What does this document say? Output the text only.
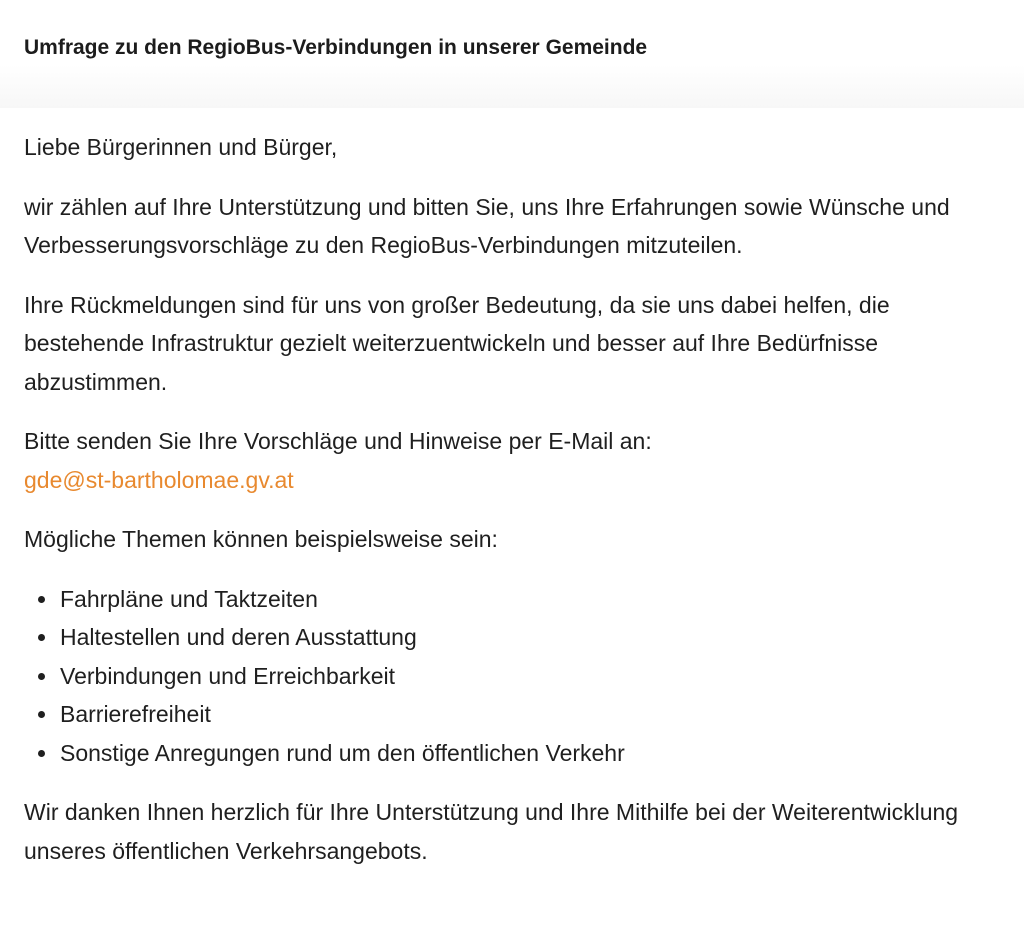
Umfrage zu den RegioBus-Verbindungen in unserer Gemeinde

Liebe Bürgerinnen und Bürger,

wir zählen auf Ihre Unterstützung und bitten Sie, uns Ihre Erfahrungen sowie Wünsche und Verbesserungsvorschläge zu den RegioBus-Verbindungen mitzuteilen.

Ihre Rückmeldungen sind für uns von großer Bedeutung, da sie uns dabei helfen, die bestehende Infrastruktur gezielt weiterzuentwickeln und besser auf Ihre Bedürfnisse abzustimmen.

Bitte senden Sie Ihre Vorschläge und Hinweise per E-Mail an:
gde@st-bartholomae.gv.at

Mögliche Themen können beispielsweise sein:

Fahrpläne und Taktzeiten
Haltestellen und deren Ausstattung
Verbindungen und Erreichbarkeit
Barrierefreiheit
Sonstige Anregungen rund um den öffentlichen Verkehr

Wir danken Ihnen herzlich für Ihre Unterstützung und Ihre Mithilfe bei der Weiterentwicklung unseres öffentlichen Verkehrsangebots.
